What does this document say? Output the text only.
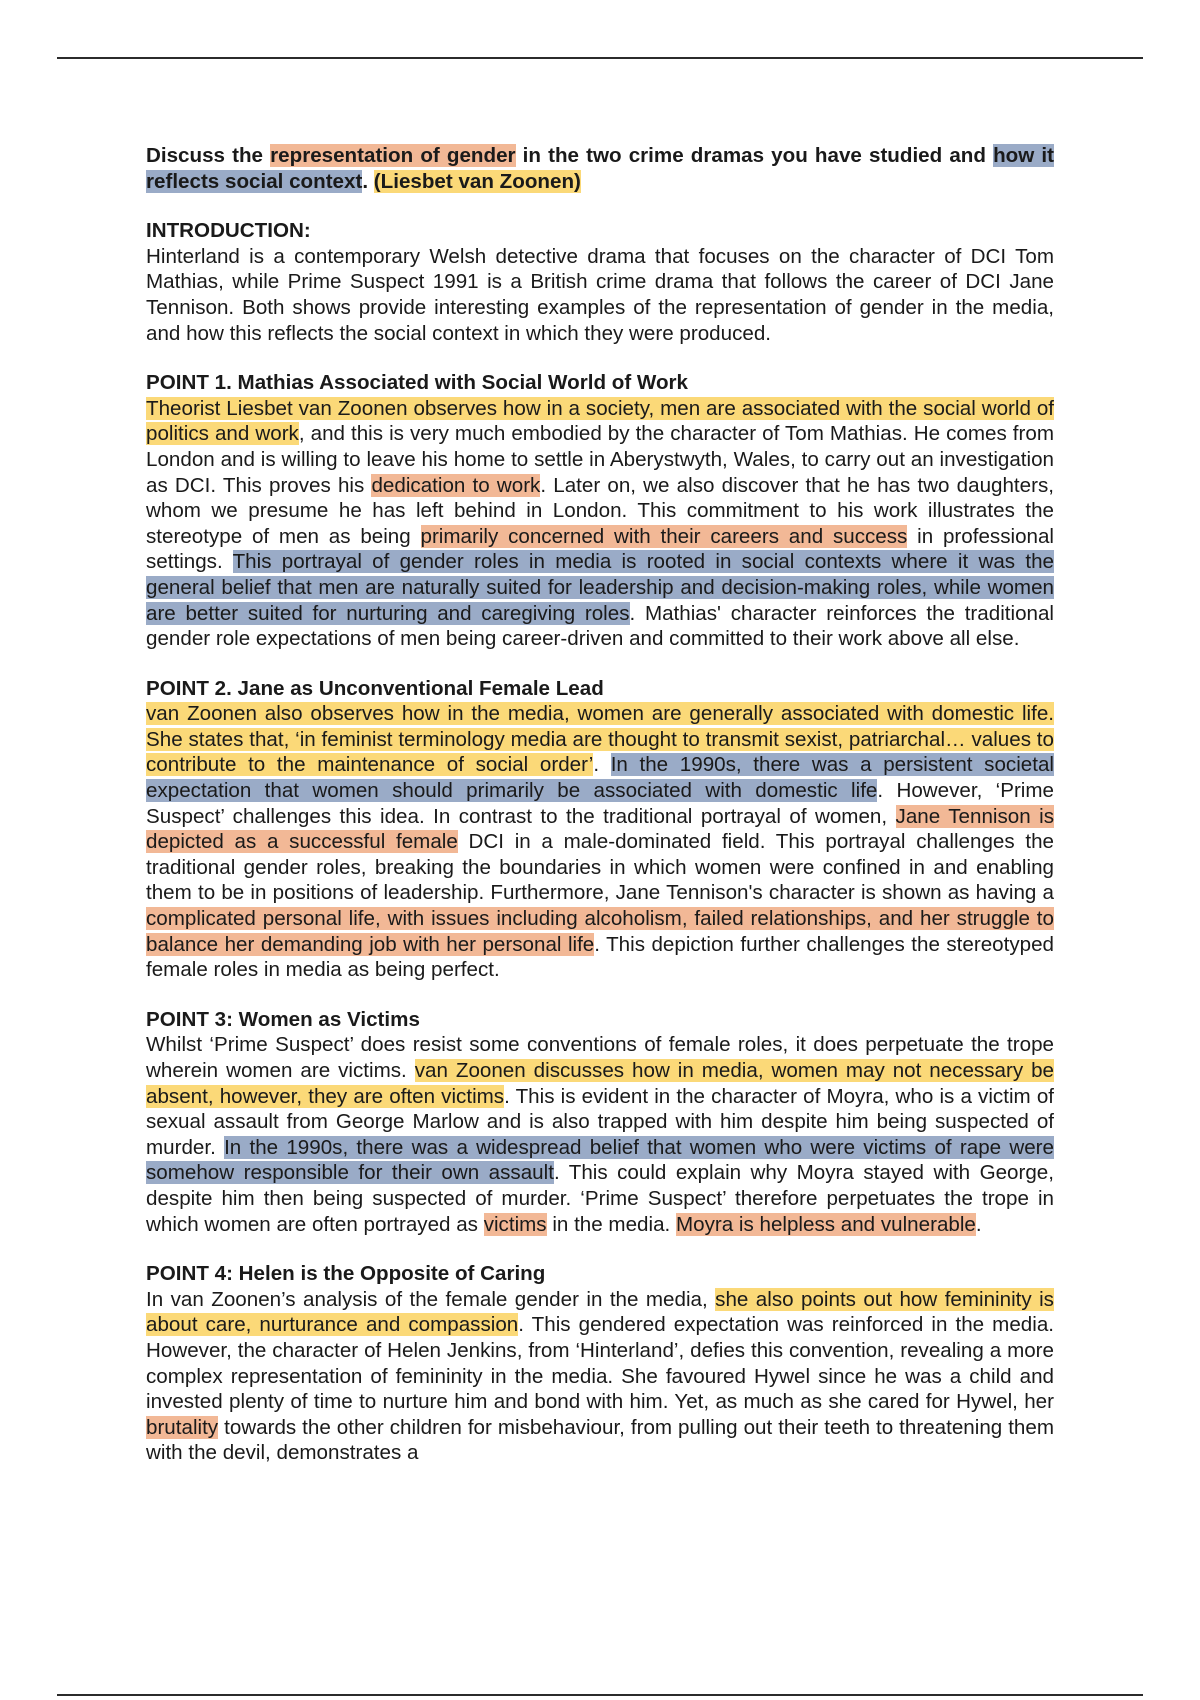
Discuss the representation of gender in the two crime dramas you have studied and how it reflects social context. (Liesbet van Zoonen)

INTRODUCTION:

Hinterland is a contemporary Welsh detective drama that focuses on the character of DCI Tom Mathias, while Prime Suspect 1991 is a British crime drama that follows the career of DCI Jane Tennison. Both shows provide interesting examples of the representation of gender in the media, and how this reflects the social context in which they were produced.

POINT 1. Mathias Associated with Social World of Work

Theorist Liesbet van Zoonen observes how in a society, men are associated with the social world of politics and work, and this is very much embodied by the character of Tom Mathias. He comes from London and is willing to leave his home to settle in Aberystwyth, Wales, to carry out an investigation as DCI. This proves his dedication to work. Later on, we also discover that he has two daughters, whom we presume he has left behind in London. This commitment to his work illustrates the stereotype of men as being primarily concerned with their careers and success in professional settings. This portrayal of gender roles in media is rooted in social contexts where it was the general belief that men are naturally suited for leadership and decision-making roles, while women are better suited for nurturing and caregiving roles. Mathias' character reinforces the traditional gender role expectations of men being career-driven and committed to their work above all else.

POINT 2. Jane as Unconventional Female Lead

van Zoonen also observes how in the media, women are generally associated with domestic life. She states that, ‘in feminist terminology media are thought to transmit sexist, patriarchal… values to contribute to the maintenance of social order’. In the 1990s, there was a persistent societal expectation that women should primarily be associated with domestic life. However, ‘Prime Suspect’ challenges this idea. In contrast to the traditional portrayal of women, Jane Tennison is depicted as a successful female DCI in a male-dominated field. This portrayal challenges the traditional gender roles, breaking the boundaries in which women were confined in and enabling them to be in positions of leadership. Furthermore, Jane Tennison's character is shown as having a complicated personal life, with issues including alcoholism, failed relationships, and her struggle to balance her demanding job with her personal life. This depiction further challenges the stereotyped female roles in media as being perfect.

POINT 3: Women as Victims

Whilst ‘Prime Suspect’ does resist some conventions of female roles, it does perpetuate the trope wherein women are victims. van Zoonen discusses how in media, women may not necessary be absent, however, they are often victims. This is evident in the character of Moyra, who is a victim of sexual assault from George Marlow and is also trapped with him despite him being suspected of murder. In the 1990s, there was a widespread belief that women who were victims of rape were somehow responsible for their own assault. This could explain why Moyra stayed with George, despite him then being suspected of murder. ‘Prime Suspect’ therefore perpetuates the trope in which women are often portrayed as victims in the media. Moyra is helpless and vulnerable.

POINT 4: Helen is the Opposite of Caring

In van Zoonen’s analysis of the female gender in the media, she also points out how femininity is about care, nurturance and compassion. This gendered expectation was reinforced in the media. However, the character of Helen Jenkins, from ‘Hinterland’, defies this convention, revealing a more complex representation of femininity in the media. She favoured Hywel since he was a child and invested plenty of time to nurture him and bond with him. Yet, as much as she cared for Hywel, her brutality towards the other children for misbehaviour, from pulling out their teeth to threatening them with the devil, demonstrates a
